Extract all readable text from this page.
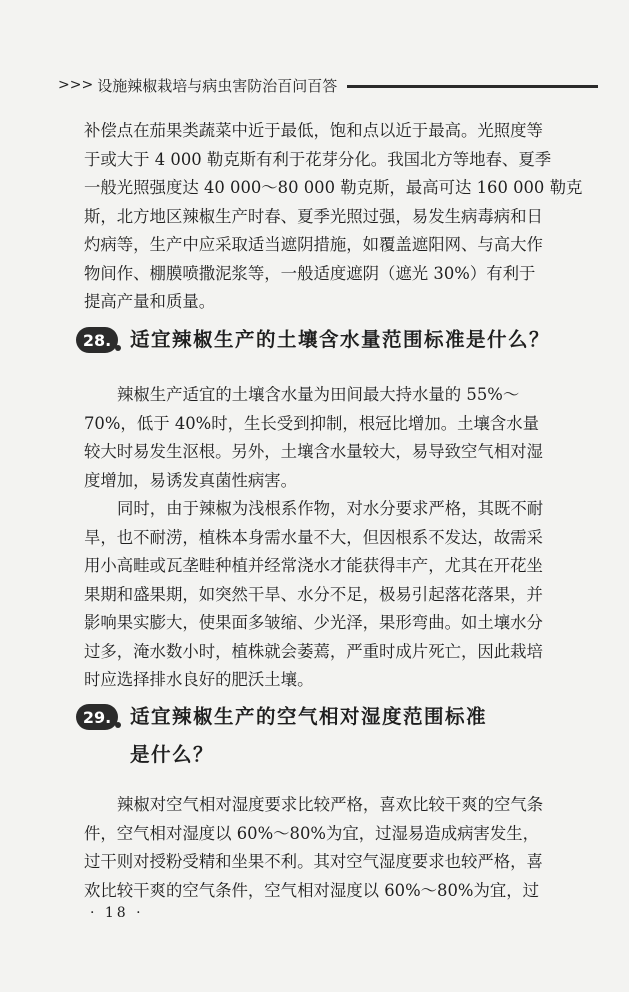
>>> 设施辣椒栽培与病虫害防治百问百答

补偿点在茄果类蔬菜中近于最低，饱和点以近于最高。光照度等
于或大于 4 000 勒克斯有利于花芽分化。我国北方等地春、夏季
一般光照强度达 40 000～80 000 勒克斯，最高可达 160 000 勒克
斯，北方地区辣椒生产时春、夏季光照过强，易发生病毒病和日
灼病等，生产中应采取适当遮阴措施，如覆盖遮阳网、与高大作
物间作、棚膜喷撒泥浆等，一般适度遮阴（遮光 30%）有利于
提高产量和质量。

28. 适宜辣椒生产的土壤含水量范围标准是什么？

辣椒生产适宜的土壤含水量为田间最大持水量的 55%～
70%，低于 40%时，生长受到抑制，根冠比增加。土壤含水量
较大时易发生沤根。另外，土壤含水量较大，易导致空气相对湿
度增加，易诱发真菌性病害。

同时，由于辣椒为浅根系作物，对水分要求严格，其既不耐
旱，也不耐涝，植株本身需水量不大，但因根系不发达，故需采
用小高畦或瓦垄畦种植并经常浇水才能获得丰产，尤其在开花坐
果期和盛果期，如突然干旱、水分不足，极易引起落花落果，并
影响果实膨大，使果面多皱缩、少光泽，果形弯曲。如土壤水分
过多，淹水数小时，植株就会萎蔫，严重时成片死亡，因此栽培
时应选择排水良好的肥沃土壤。

29. 适宜辣椒生产的空气相对湿度范围标准
是什么？

辣椒对空气相对湿度要求比较严格，喜欢比较干爽的空气条
件，空气相对湿度以 60%～80%为宜，过湿易造成病害发生，
过干则对授粉受精和坐果不利。其对空气湿度要求也较严格，喜
欢比较干爽的空气条件，空气相对湿度以 60%～80%为宜，过

· 18 ·
